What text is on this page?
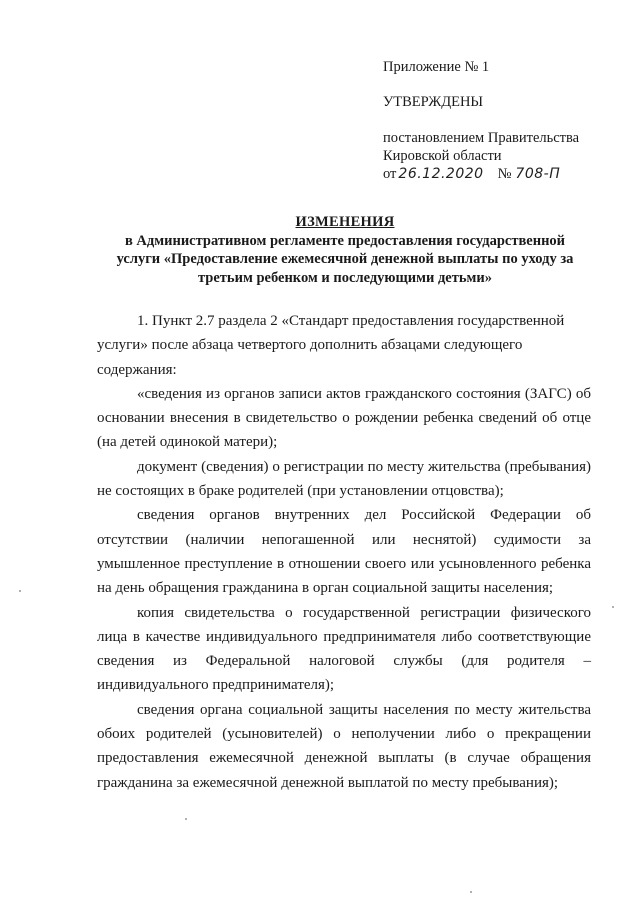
Приложение № 1
УТВЕРЖДЕНЫ
постановлением Правительства
Кировской области
от 26.12.2020 № 708-П
ИЗМЕНЕНИЯ
в Административном регламенте предоставления государственной
услуги «Предоставление ежемесячной денежной выплаты по уходу за
третьим ребенком и последующими детьми»

1. Пункт 2.7 раздела 2 «Стандарт предоставления государственной

услуги» после абзаца четвертого дополнить абзацами следующего

содержания:

«сведения из органов записи актов гражданского состояния (ЗАГС) об основании внесения в свидетельство о рождении ребенка сведений об отце (на детей одинокой матери);

документ (сведения) о регистрации по месту жительства (пребывания) не состоящих в браке родителей (при установлении отцовства);

сведения органов внутренних дел Российской Федерации об отсутствии (наличии непогашенной или неснятой) судимости за умышленное преступление в отношении своего или усыновленного ребенка на день обращения гражданина в орган социальной защиты населения;

копия свидетельства о государственной регистрации физического лица в качестве индивидуального предпринимателя либо соответствующие сведения из Федеральной налоговой службы (для родителя – индивидуального предпринимателя);

сведения органа социальной защиты населения по месту жительства обоих родителей (усыновителей) о неполучении либо о прекращении предоставления ежемесячной денежной выплаты (в случае обращения гражданина за ежемесячной денежной выплатой по месту пребывания);
